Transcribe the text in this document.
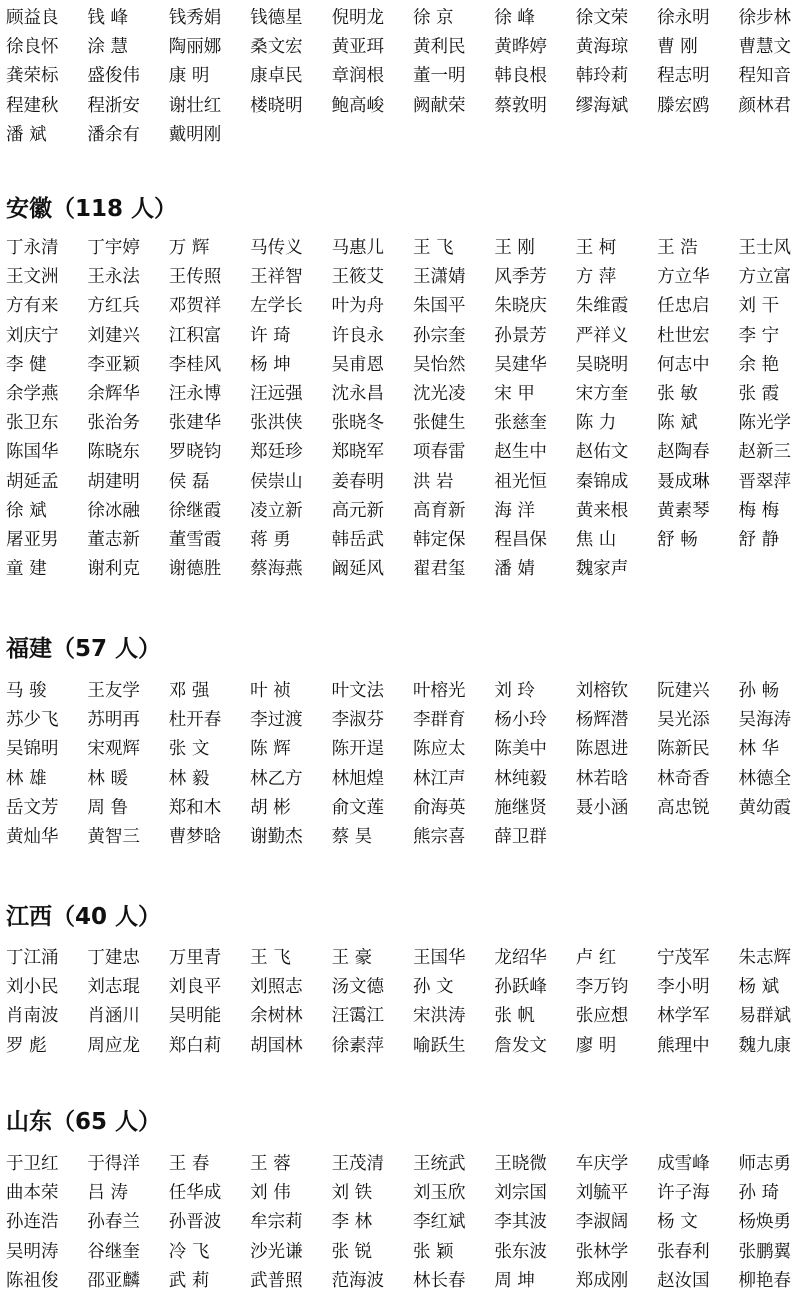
顾益良	钱 峰	钱秀娟	钱德星	倪明龙	徐 京	徐 峰	徐文荣	徐永明	徐步林
徐良怀	涂 慧	陶丽娜	桑文宏	黄亚珥	黄利民	黄晔婷	黄海琼	曹 刚	曹慧文
龚荣标	盛俊伟	康 明	康卓民	章润根	董一明	韩良根	韩玲莉	程志明	程知音
程建秋	程浙安	谢壮红	楼晓明	鲍高峻	阙献荣	蔡敦明	缪海斌	滕宏鸥	颜林君
潘 斌	潘余有	戴明刚
安徽（118 人）
丁永清	丁宇婷	万 辉	马传义	马惠儿	王 飞	王 刚	王 柯	王 浩	王士风
王文洲	王永法	王传照	王祥智	王筱艾	王潇婧	风季芳	方 萍	方立华	方立富
方有来	方红兵	邓贺祥	左学长	叶为舟	朱国平	朱晓庆	朱维霞	任忠启	刘 干
刘庆宁	刘建兴	江积富	许 琦	许良永	孙宗奎	孙景芳	严祥义	杜世宏	李 宁
李 健	李亚颖	李桂风	杨 坤	吴甫恩	吴怡然	吴建华	吴晓明	何志中	余 艳
余学燕	余辉华	汪永博	汪远强	沈永昌	沈光凌	宋 甲	宋方奎	张 敏	张 霞
张卫东	张治务	张建华	张洪侠	张晓冬	张健生	张慈奎	陈 力	陈 斌	陈光学
陈国华	陈晓东	罗晓钧	郑廷珍	郑晓军	项春雷	赵生中	赵佑文	赵陶春	赵新三
胡延孟	胡建明	侯 磊	侯崇山	姜春明	洪 岩	祖光恒	秦锦成	聂成琳	晋翠萍
徐 斌	徐冰融	徐继霞	凌立新	高元新	高育新	海 洋	黄来根	黄素琴	梅 梅
屠亚男	董志新	董雪霞	蒋 勇	韩岳武	韩定保	程昌保	焦 山	舒 畅	舒 静
童 建	谢利克	谢德胜	蔡海燕	阚延风	翟君玺	潘 婧	魏家声
福建（57 人）
马 骏	王友学	邓 强	叶 祯	叶文法	叶榕光	刘 玲	刘榕钦	阮建兴	孙 畅
苏少飞	苏明再	杜开春	李过渡	李淑芬	李群育	杨小玲	杨辉潜	吴光添	吴海涛
吴锦明	宋观辉	张 文	陈 辉	陈开逞	陈应太	陈美中	陈恩进	陈新民	林 华
林 雄	林 暖	林 毅	林乙方	林旭煌	林江声	林纯毅	林若晗	林奇香	林德全
岳文芳	周 鲁	郑和木	胡 彬	俞文莲	俞海英	施继贤	聂小涵	高忠锐	黄幼霞
黄灿华	黄智三	曹梦晗	谢勤杰	蔡 昊	熊宗喜	薛卫群
江西（40 人）
丁江涌	丁建忠	万里青	王 飞	王 豪	王国华	龙绍华	卢 红	宁茂军	朱志辉
刘小民	刘志琨	刘良平	刘照志	汤文德	孙 文	孙跃峰	李万钧	李小明	杨 斌
肖南波	肖涵川	吴明能	余树林	汪霭江	宋洪涛	张 帆	张应想	林学军	易群斌
罗 彪	周应龙	郑白莉	胡国林	徐素萍	喻跃生	詹发文	廖 明	熊理中	魏九康
山东（65 人）
于卫红	于得洋	王 春	王 蓉	王茂清	王统武	王晓微	车庆学	成雪峰	师志勇
曲本荣	吕 涛	任华成	刘 伟	刘 铁	刘玉欣	刘宗国	刘毓平	许子海	孙 琦
孙连浩	孙春兰	孙晋波	牟宗莉	李 林	李红斌	李其波	李淑阔	杨 文	杨焕勇
吴明涛	谷继奎	冷 飞	沙光谦	张 锐	张 颖	张东波	张林学	张春利	张鹏翼
陈祖俊	邵亚麟	武 莉	武普照	范海波	林长春	周 坤	郑成刚	赵汝国	柳艳春
